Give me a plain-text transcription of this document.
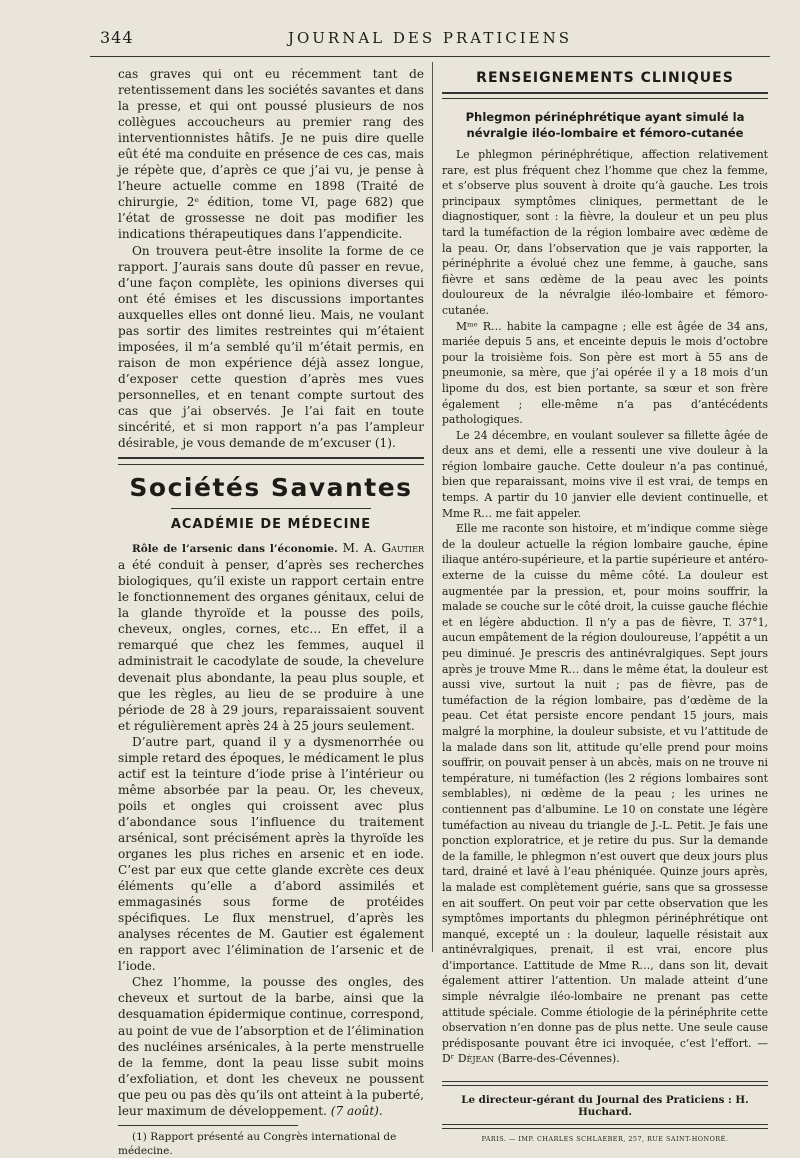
344	JOURNAL DES PRATICIENS

cas graves qui ont eu récemment tant de retentissement dans les sociétés savantes et dans la presse, et qui ont poussé plusieurs de nos collègues accoucheurs au premier rang des interventionnistes hâtifs. Je ne puis dire quelle eût été ma conduite en présence de ces cas, mais je répète que, d’après ce que j’ai vu, je pense à l’heure actuelle comme en 1898 (Traité de chirurgie, 2ᵉ édition, tome VI, page 682) que l’état de grossesse ne doit pas modifier les indications thérapeutiques dans l’appendicite.

On trouvera peut-être insolite la forme de ce rapport. J’aurais sans doute dû passer en revue, d’une façon complète, les opinions diverses qui ont été émises et les discussions importantes auxquelles elles ont donné lieu. Mais, ne voulant pas sortir des limites restreintes qui m’étaient imposées, il m’a semblé qu’il m’était permis, en raison de mon expérience déjà assez longue, d’exposer cette question d’après mes vues personnelles, et en tenant compte surtout des cas que j’ai observés. Je l’ai fait en toute sincérité, et si mon rapport n’a pas l’ampleur désirable, je vous demande de m’excuser (1).

Sociétés Savantes
ACADÉMIE DE MÉDECINE

Rôle de l’arsenic dans l’économie. M. A. Gautier a été conduit à penser, d’après ses recherches biologiques, qu’il existe un rapport certain entre le fonctionnement des organes génitaux, celui de la glande thyroïde et la pousse des poils, cheveux, ongles, cornes, etc… En effet, il a remarqué que chez les femmes, auquel il administrait le cacodylate de soude, la chevelure devenait plus abondante, la peau plus souple, et que les règles, au lieu de se produire à une période de 28 à 29 jours, reparaissaient souvent et régulièrement après 24 à 25 jours seulement.

D’autre part, quand il y a dysmenorrhée ou simple retard des époques, le médicament le plus actif est la teinture d’iode prise à l’intérieur ou même absorbée par la peau. Or, les cheveux, poils et ongles qui croissent avec plus d’abondance sous l’influence du traitement arsénical, sont précisément après la thyroïde les organes les plus riches en arsenic et en iode. C’est par eux que cette glande excrète ces deux éléments qu’elle a d’abord assimilés et emmagasinés sous forme de protéides spécifiques. Le flux menstruel, d’après les analyses récentes de M. Gautier est également en rapport avec l’élimination de l’arsenic et de l’iode.

Chez l’homme, la pousse des ongles, des cheveux et surtout de la barbe, ainsi que la desquamation épidermique continue, correspond, au point de vue de l’absorption et de l’élimination des nucléines arsénicales, à la perte menstruelle de la femme, dont la peau lisse subit moins d’exfoliation, et dont les cheveux ne poussent que peu ou pas dès qu’ils ont atteint à la puberté, leur maximum de développement. (7 août).

(1) Rapport présenté au Congrès international de médecine.

RENSEIGNEMENTS CLINIQUES
Phlegmon périnéphrétique ayant simulé la névralgie iléo-lombaire et fémoro-cutanée

Le phlegmon périnéphrétique, affection relativement rare, est plus fréquent chez l’homme que chez la femme, et s’observe plus souvent à droite qu’à gauche. Les trois principaux symptômes cliniques, permettant de le diagnostiquer, sont : la fièvre, la douleur et un peu plus tard la tuméfaction de la région lombaire avec œdème de la peau. Or, dans l’observation que je vais rapporter, la périnéphrite a évolué chez une femme, à gauche, sans fièvre et sans œdème de la peau avec les points douloureux de la névralgie iléo-lombaire et fémoro-cutanée.

Mᵐᵉ R… habite la campagne ; elle est âgée de 34 ans, mariée depuis 5 ans, et enceinte depuis le mois d’octobre pour la troisième fois. Son père est mort à 55 ans de pneumonie, sa mère, que j’ai opérée il y a 18 mois d’un lipome du dos, est bien portante, sa sœur et son frère également ; elle-même n’a pas d’antécédents pathologiques.

Le 24 décembre, en voulant soulever sa fillette âgée de deux ans et demi, elle a ressenti une vive douleur à la région lombaire gauche. Cette douleur n’a pas continué, bien que reparaissant, moins vive il est vrai, de temps en temps. A partir du 10 janvier elle devient continuelle, et Mme R… me fait appeler.

Elle me raconte son histoire, et m’indique comme siège de la douleur actuelle la région lombaire gauche, épine iliaque antéro-supérieure, et la partie supérieure et antéro-externe de la cuisse du même côté. La douleur est augmentée par la pression, et, pour moins souffrir, la malade se couche sur le côté droit, la cuisse gauche fléchie et en légère abduction. Il n’y a pas de fièvre, T. 37°1, aucun empâtement de la région douloureuse, l’appétit a un peu diminué. Je prescris des antinévralgiques. Sept jours après je trouve Mme R… dans le même état, la douleur est aussi vive, surtout la nuit ; pas de fièvre, pas de tuméfaction de la région lombaire, pas d’œdème de la peau. Cet état persiste encore pendant 15 jours, mais malgré la morphine, la douleur subsiste, et vu l’attitude de la malade dans son lit, attitude qu’elle prend pour moins souffrir, on pouvait penser à un abcès, mais on ne trouve ni température, ni tuméfaction (les 2 régions lombaires sont semblables), ni œdème de la peau ; les urines ne contiennent pas d’albumine. Le 10 on constate une légère tuméfaction au niveau du triangle de J.-L. Petit. Je fais une ponction exploratrice, et je retire du pus. Sur la demande de la famille, le phlegmon n’est ouvert que deux jours plus tard, drainé et lavé à l’eau phéniquée. Quinze jours après, la malade est complètement guérie, sans que sa grossesse en ait souffert. On peut voir par cette observation que les symptômes importants du phlegmon périnéphrétique ont manqué, excepté un : la douleur, laquelle résistait aux antinévralgiques, prenait, il est vrai, encore plus d’importance. L’attitude de Mme R…, dans son lit, devait également attirer l’attention. Un malade atteint d’une simple névralgie iléo-lombaire ne prenant pas cette attitude spéciale. Comme étiologie de la périnéphrite cette observation n’en donne pas de plus nette. Une seule cause prédisposante pouvant être ici invoquée, c’est l’effort. — Dʳ Déjean (Barre-des-Cévennes).

Le directeur-gérant du Journal des Praticiens : H. Huchard.

PARIS. — IMP. CHARLES SCHLAEBER, 257, RUE SAINT-HONORÉ.
